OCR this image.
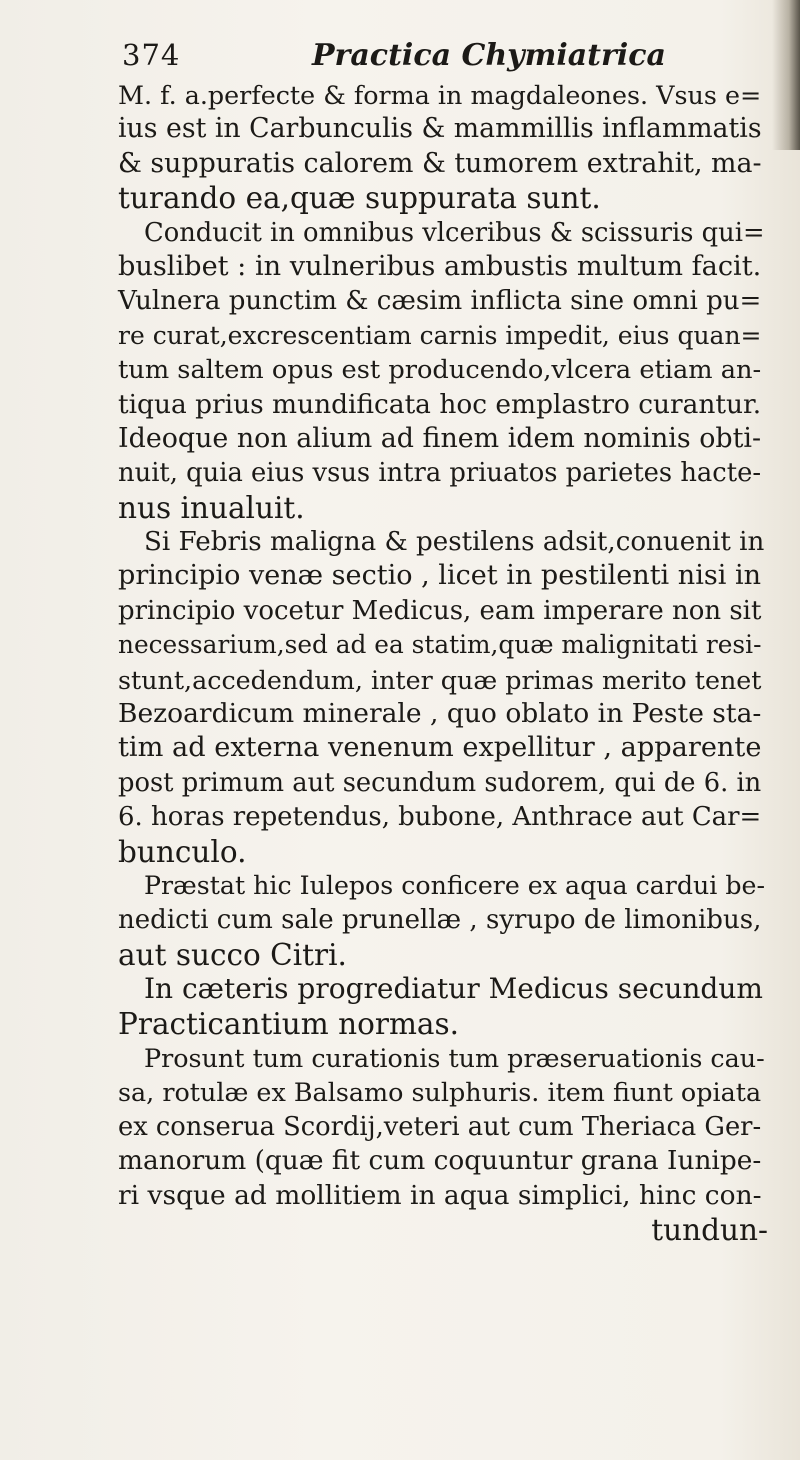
374	Practica Chymiatrica
M. f. a.perfecte & forma in magdaleones. Vsus e=
ius est in Carbunculis & mammillis inflammatis
& suppuratis calorem & tumorem extrahit, ma-
turando ea,quæ suppurata sunt.
Conducit in omnibus vlceribus & scissuris qui=
buslibet : in vulneribus ambustis multum facit.
Vulnera punctim & cæsim inflicta sine omni pu=
re curat,excrescentiam carnis impedit, eius quan=
tum saltem opus est producendo,vlcera etiam an-
tiqua prius mundificata hoc emplastro curantur.
Ideoque non alium ad finem idem nominis obti-
nuit, quia eius vsus intra priuatos parietes hacte-
nus inualuit.
Si Febris maligna & pestilens adsit,conuenit in
principio venæ sectio , licet in pestilenti nisi in
principio vocetur Medicus, eam imperare non sit
necessarium,sed ad ea statim,quæ malignitati resi-
stunt,accedendum, inter quæ primas merito tenet
Bezoardicum minerale , quo oblato in Peste sta-
tim ad externa venenum expellitur , apparente
post primum aut secundum sudorem, qui de 6. in
6. horas repetendus, bubone, Anthrace aut Car=
bunculo.
Præstat hic Iulepos conficere ex aqua cardui be-
nedicti cum sale prunellæ , syrupo de limonibus,
aut succo Citri.
In cæteris progrediatur Medicus secundum
Practicantium normas.
Prosunt tum curationis tum præseruationis cau-
sa, rotulæ ex Balsamo sulphuris. item fiunt opiata
ex conserua Scordij,veteri aut cum Theriaca Ger-
manorum (quæ fit cum coquuntur grana Iunipe-
ri vsque ad mollitiem in aqua simplici, hinc con-
tundun-
